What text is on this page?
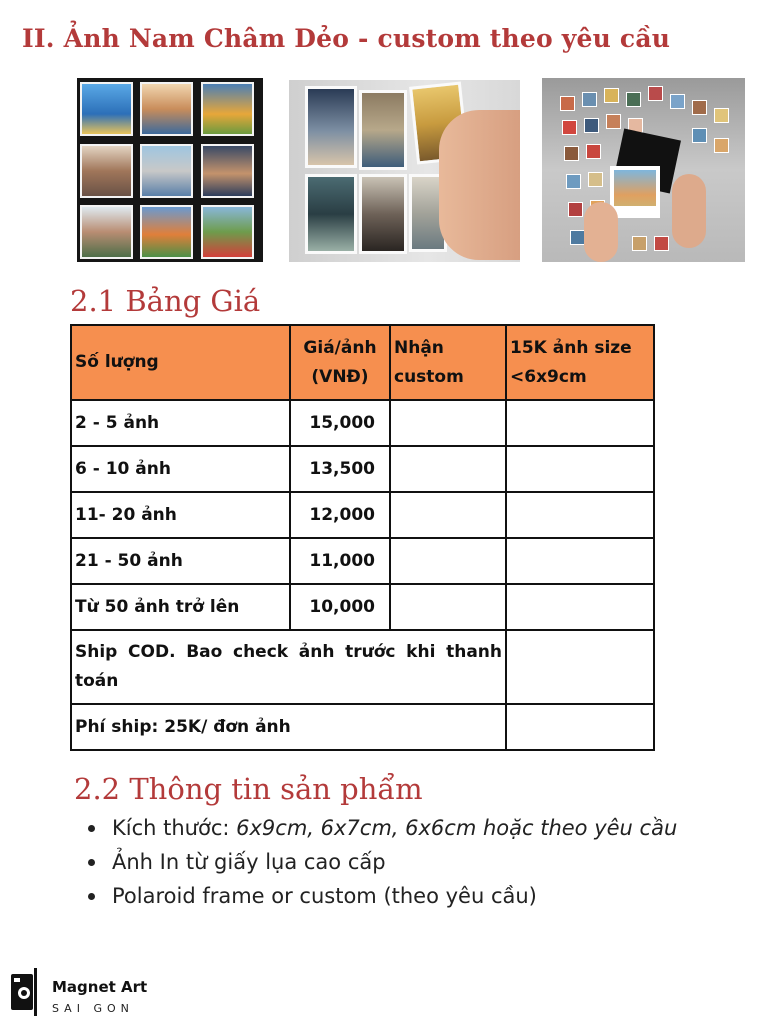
II. Ảnh Nam Châm Dẻo - custom theo yêu cầu
2.1 Bảng Giá
Số lượng	Giá/ảnh (VNĐ)	Nhận custom	15K ảnh size <6x9cm
2 - 5 ảnh	15,000		
6 - 10 ảnh	13,500		
11- 20 ảnh	12,000		
21 - 50 ảnh	11,000		
Từ 50 ảnh trở lên	10,000		
Ship COD. Bao check ảnh trước khi thanh toán			
Phí ship: 25K/ đơn ảnh			
2.2 Thông tin sản phẩm
Kích thước: 6x9cm, 6x7cm, 6x6cm hoặc theo yêu cầu
Ảnh In từ giấy lụa cao cấp
Polaroid frame or custom (theo yêu cầu)
Magnet Art
SAI GON
